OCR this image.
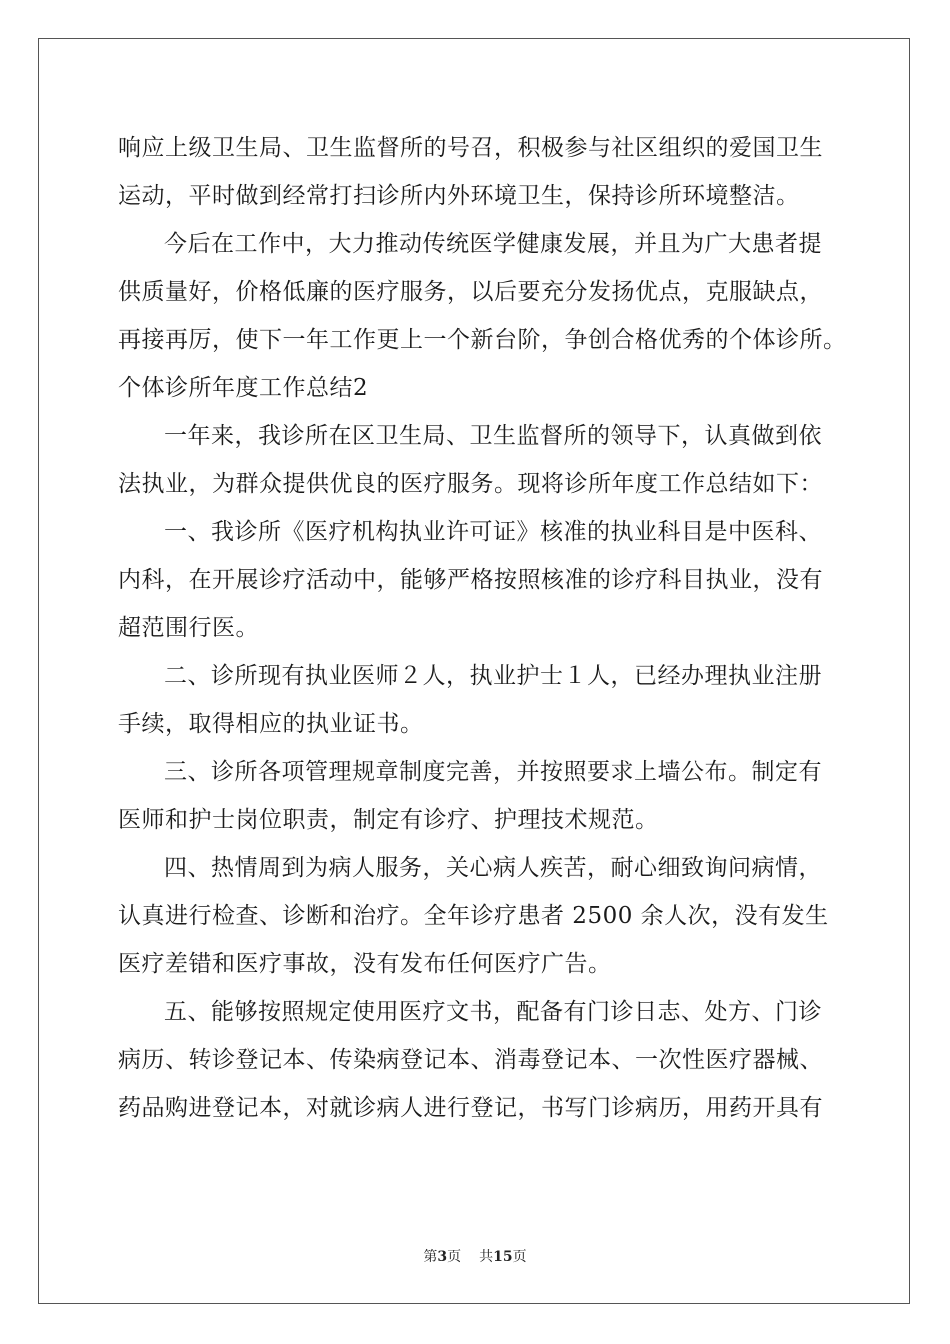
响应上级卫生局、卫生监督所的号召，积极参与社区组织的爱国卫生
运动，平时做到经常打扫诊所内外环境卫生，保持诊所环境整洁。
今后在工作中，大力推动传统医学健康发展，并且为广大患者提
供质量好，价格低廉的医疗服务，以后要充分发扬优点，克服缺点，
再接再厉，使下一年工作更上一个新台阶，争创合格优秀的个体诊所。
个体诊所年度工作总结2
一年来，我诊所在区卫生局、卫生监督所的领导下，认真做到依
法执业，为群众提供优良的医疗服务。现将诊所年度工作总结如下：
一、我诊所《医疗机构执业许可证》核准的执业科目是中医科、
内科，在开展诊疗活动中，能够严格按照核准的诊疗科目执业，没有
超范围行医。
二、诊所现有执业医师２人，执业护士１人，已经办理执业注册
手续，取得相应的执业证书。
三、诊所各项管理规章制度完善，并按照要求上墙公布。制定有
医师和护士岗位职责，制定有诊疗、护理技术规范。
四、热情周到为病人服务，关心病人疾苦，耐心细致询问病情，
认真进行检查、诊断和治疗。全年诊疗患者 2500 余人次，没有发生
医疗差错和医疗事故，没有发布任何医疗广告。
五、能够按照规定使用医疗文书，配备有门诊日志、处方、门诊
病历、转诊登记本、传染病登记本、消毒登记本、一次性医疗器械、
药品购进登记本，对就诊病人进行登记，书写门诊病历，用药开具有
第3页 共15页
